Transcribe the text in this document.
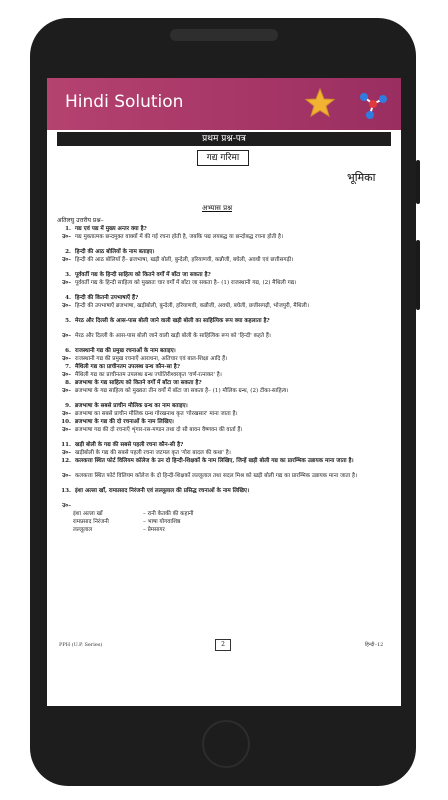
Hindi Solution
प्रथम प्रश्न-पत्र
गद्य गरिमा
भूमिका
अभ्यास प्रश्न
अतिलघु उत्तरीय प्रश्न–
1. गद्य एवं पद्य में मुख्य अन्तर क्या है?
उ०– गद्य मुक्तात्मक छन्दमुक्त वाक्यों में की गई रचना होती है, जबकि पद्य लयबद्ध या छन्दोबद्ध रचना होती है।
2. हिन्दी की आठ बोलियों के नाम बताइए।
उ०– हिन्दी की आठ बोलियाँ हैं– ब्रजभाषा, खड़ी बोली, बुन्देली, हरियाणवी, कन्नौजी, बघेली, अवधी एवं छत्तीसगढ़ी।
3. पूर्ववर्ती गद्य के हिन्दी साहित्य को कितने वर्गों में बाँटा जा सकता है?
उ०– पूर्ववर्ती गद्य के हिन्दी साहित्य को मुख्यतः चार वर्गों में बाँटा जा सकता है– (1) राजस्थानी गद्य, (2) मैथिली गद्य।
4. हिन्दी की कितनी उपभाषाएँ हैं?
उ०– हिन्दी की उपभाषाएँ ब्रजभाषा, खड़ीबोली, बुन्देली, हरियाणवी, कन्नौजी, अवधी, बघेली, छत्तीसगढ़ी, भोजपुरी, मैथिली।
5. मेरठ और दिल्ली के आस-पास बोली जाने वाली खड़ी बोली का साहित्यिक रूप क्या कहलाता है?
उ०– मेरठ और दिल्ली के आस-पास बोली जाने वाली खड़ी बोली के साहित्यिक रूप को 'हिन्दी' कहते हैं।
6. राजस्थानी गद्य की प्रमुख रचनाओं के नाम बताइए।
उ०– राजस्थानी गद्य की प्रमुख रचनाएँ आराधना, अतिचार एवं बाल-शिक्षा आदि हैं।
7. मैथिली गद्य का प्राचीनतम उपलब्ध ग्रन्थ कौन-सा है?
उ०– मैथिली गद्य का प्राचीनतम उपलब्ध ग्रन्थ ज्योतिरीश्वरकृत 'वर्ण-रत्नाकर' है।
8. ब्रजभाषा के गद्य साहित्य को कितने वर्गों में बाँटा जा सकता है?
उ०– ब्रजभाषा के गद्य साहित्य को मुख्यतः तीन वर्गों में बाँटा जा सकता है– (1) मौलिक ग्रन्थ, (2) टीका-साहित्य।
9. ब्रजभाषा के सबसे प्राचीन मौलिक ग्रन्थ का नाम बताइए।
उ०– ब्रजभाषा का सबसे प्राचीन मौलिक ग्रन्थ गोरखनाथ कृत 'गोरखसार' माना जाता है।
10. ब्रजभाषा के गद्य की दो रचनाओं के नाम लिखिए।
उ०– ब्रजभाषा गद्य की दो रचनाएँ शृंगार-रस-मण्डन तथा दो सौ बावन वैष्णवन की वार्ता हैं।
11. खड़ी बोली के गद्य की सबसे पहली रचना कौन-सी है?
उ०– खड़ीबोली के गद्य की सबसे पहली रचना जटमल कृत 'गोरा बादल की कथा' है।
12. कलकत्ता स्थित फोर्ट विलियम कॉलेज के उन दो हिन्दी-शिक्षकों के नाम लिखिए, जिन्हें खड़ी बोली गद्य का प्रारम्भिक उन्नायक माना जाता है।
उ०– कलकत्ता स्थित फोर्ट विलियम कॉलेज के दो हिन्दी-शिक्षकों लल्लूलाल तथा सदल मिश्र को खड़ी बोली गद्य का प्रारम्भिक उन्नायक माना जाता है।
13. इंशा अल्ला खाँ, रामप्रसाद निरंजनी एवं लल्लूलाल की प्रसिद्ध रचनाओं के नाम लिखिए।
उ०–
इंशा अल्ला खाँ	– रानी केतकी की कहानी
रामप्रसाद निरंजनी	– भाषा योगवाशिष्ठ
लल्लूलाल	– प्रेमसागर
PPH (U.P. Series)	2	हिन्दी–12
